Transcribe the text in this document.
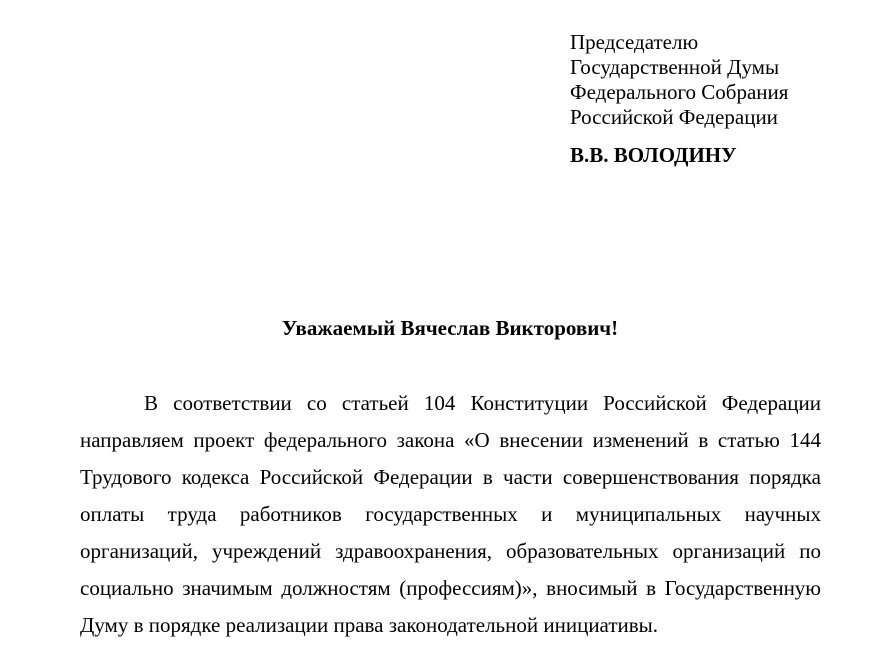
Председателю
Государственной Думы
Федерального Собрания
Российской Федерации
В.В. ВОЛОДИНУ
Уважаемый Вячеслав Викторович!
В соответствии со статьей 104 Конституции Российской Федерации
направляем проект федерального закона «О внесении изменений в статью 144
Трудового кодекса Российской Федерации в части совершенствования порядка
оплаты труда работников государственных и муниципальных научных
организаций, учреждений здравоохранения, образовательных организаций по
социально значимым должностям (профессиям)», вносимый в Государственную
Думу в порядке реализации права законодательной инициативы.
